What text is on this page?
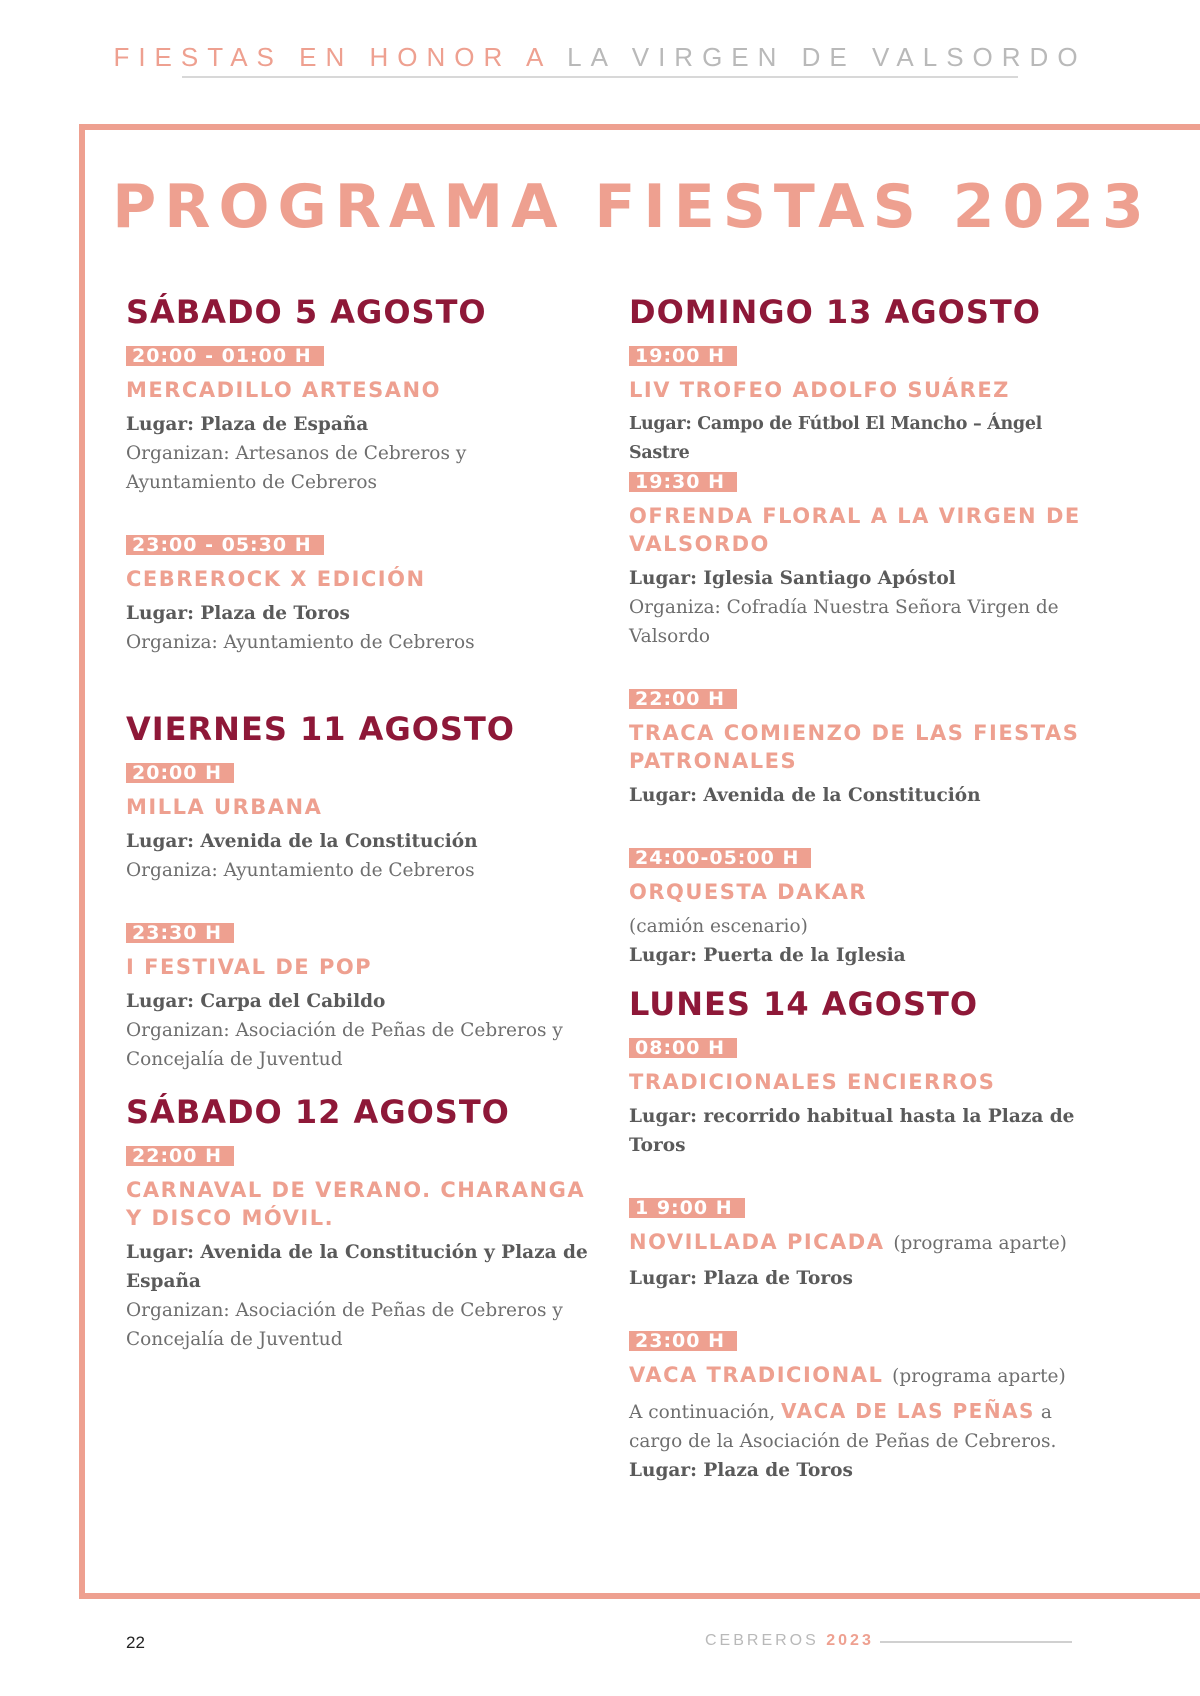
FIESTAS EN HONOR A LA VIRGEN DE VALSORDO
PROGRAMA FIESTAS 2023
SÁBADO 5 AGOSTO
20:00 - 01:00 H
MERCADILLO ARTESANO
Lugar: Plaza de España
Organizan: Artesanos de Cebreros y Ayuntamiento de Cebreros
23:00 - 05:30 H
CEBREROCK X EDICIÓN
Lugar: Plaza de Toros
Organiza: Ayuntamiento de Cebreros
VIERNES 11 AGOSTO
20:00 H
MILLA URBANA
Lugar: Avenida de la Constitución
Organiza: Ayuntamiento de Cebreros
23:30 H
I FESTIVAL DE POP
Lugar: Carpa del Cabildo
Organizan: Asociación de Peñas de Cebreros y Concejalía de Juventud
SÁBADO 12 AGOSTO
22:00 H
CARNAVAL DE VERANO. CHARANGA Y DISCO MÓVIL.
Lugar: Avenida de la Constitución y Plaza de España
Organizan: Asociación de Peñas de Cebreros y Concejalía de Juventud
DOMINGO 13 AGOSTO
19:00 H
LIV TROFEO ADOLFO SUÁREZ
Lugar: Campo de Fútbol El Mancho – Ángel Sastre
19:30 H
OFRENDA FLORAL A LA VIRGEN DE VALSORDO
Lugar: Iglesia Santiago Apóstol
Organiza: Cofradía Nuestra Señora Virgen de Valsordo
22:00 H
TRACA COMIENZO DE LAS FIESTAS PATRONALES
Lugar: Avenida de la Constitución
24:00-05:00 H
ORQUESTA DAKAR
(camión escenario)
Lugar: Puerta de la Iglesia
LUNES 14 AGOSTO
08:00 H
TRADICIONALES ENCIERROS
Lugar: recorrido habitual hasta la Plaza de Toros
1 9:00 H
NOVILLADA PICADA (programa aparte)
Lugar: Plaza de Toros
23:00 H
VACA TRADICIONAL (programa aparte)
A continuación, VACA DE LAS PEÑAS a cargo de la Asociación de Peñas de Cebreros.
Lugar: Plaza de Toros
22	CEBREROS 2023
